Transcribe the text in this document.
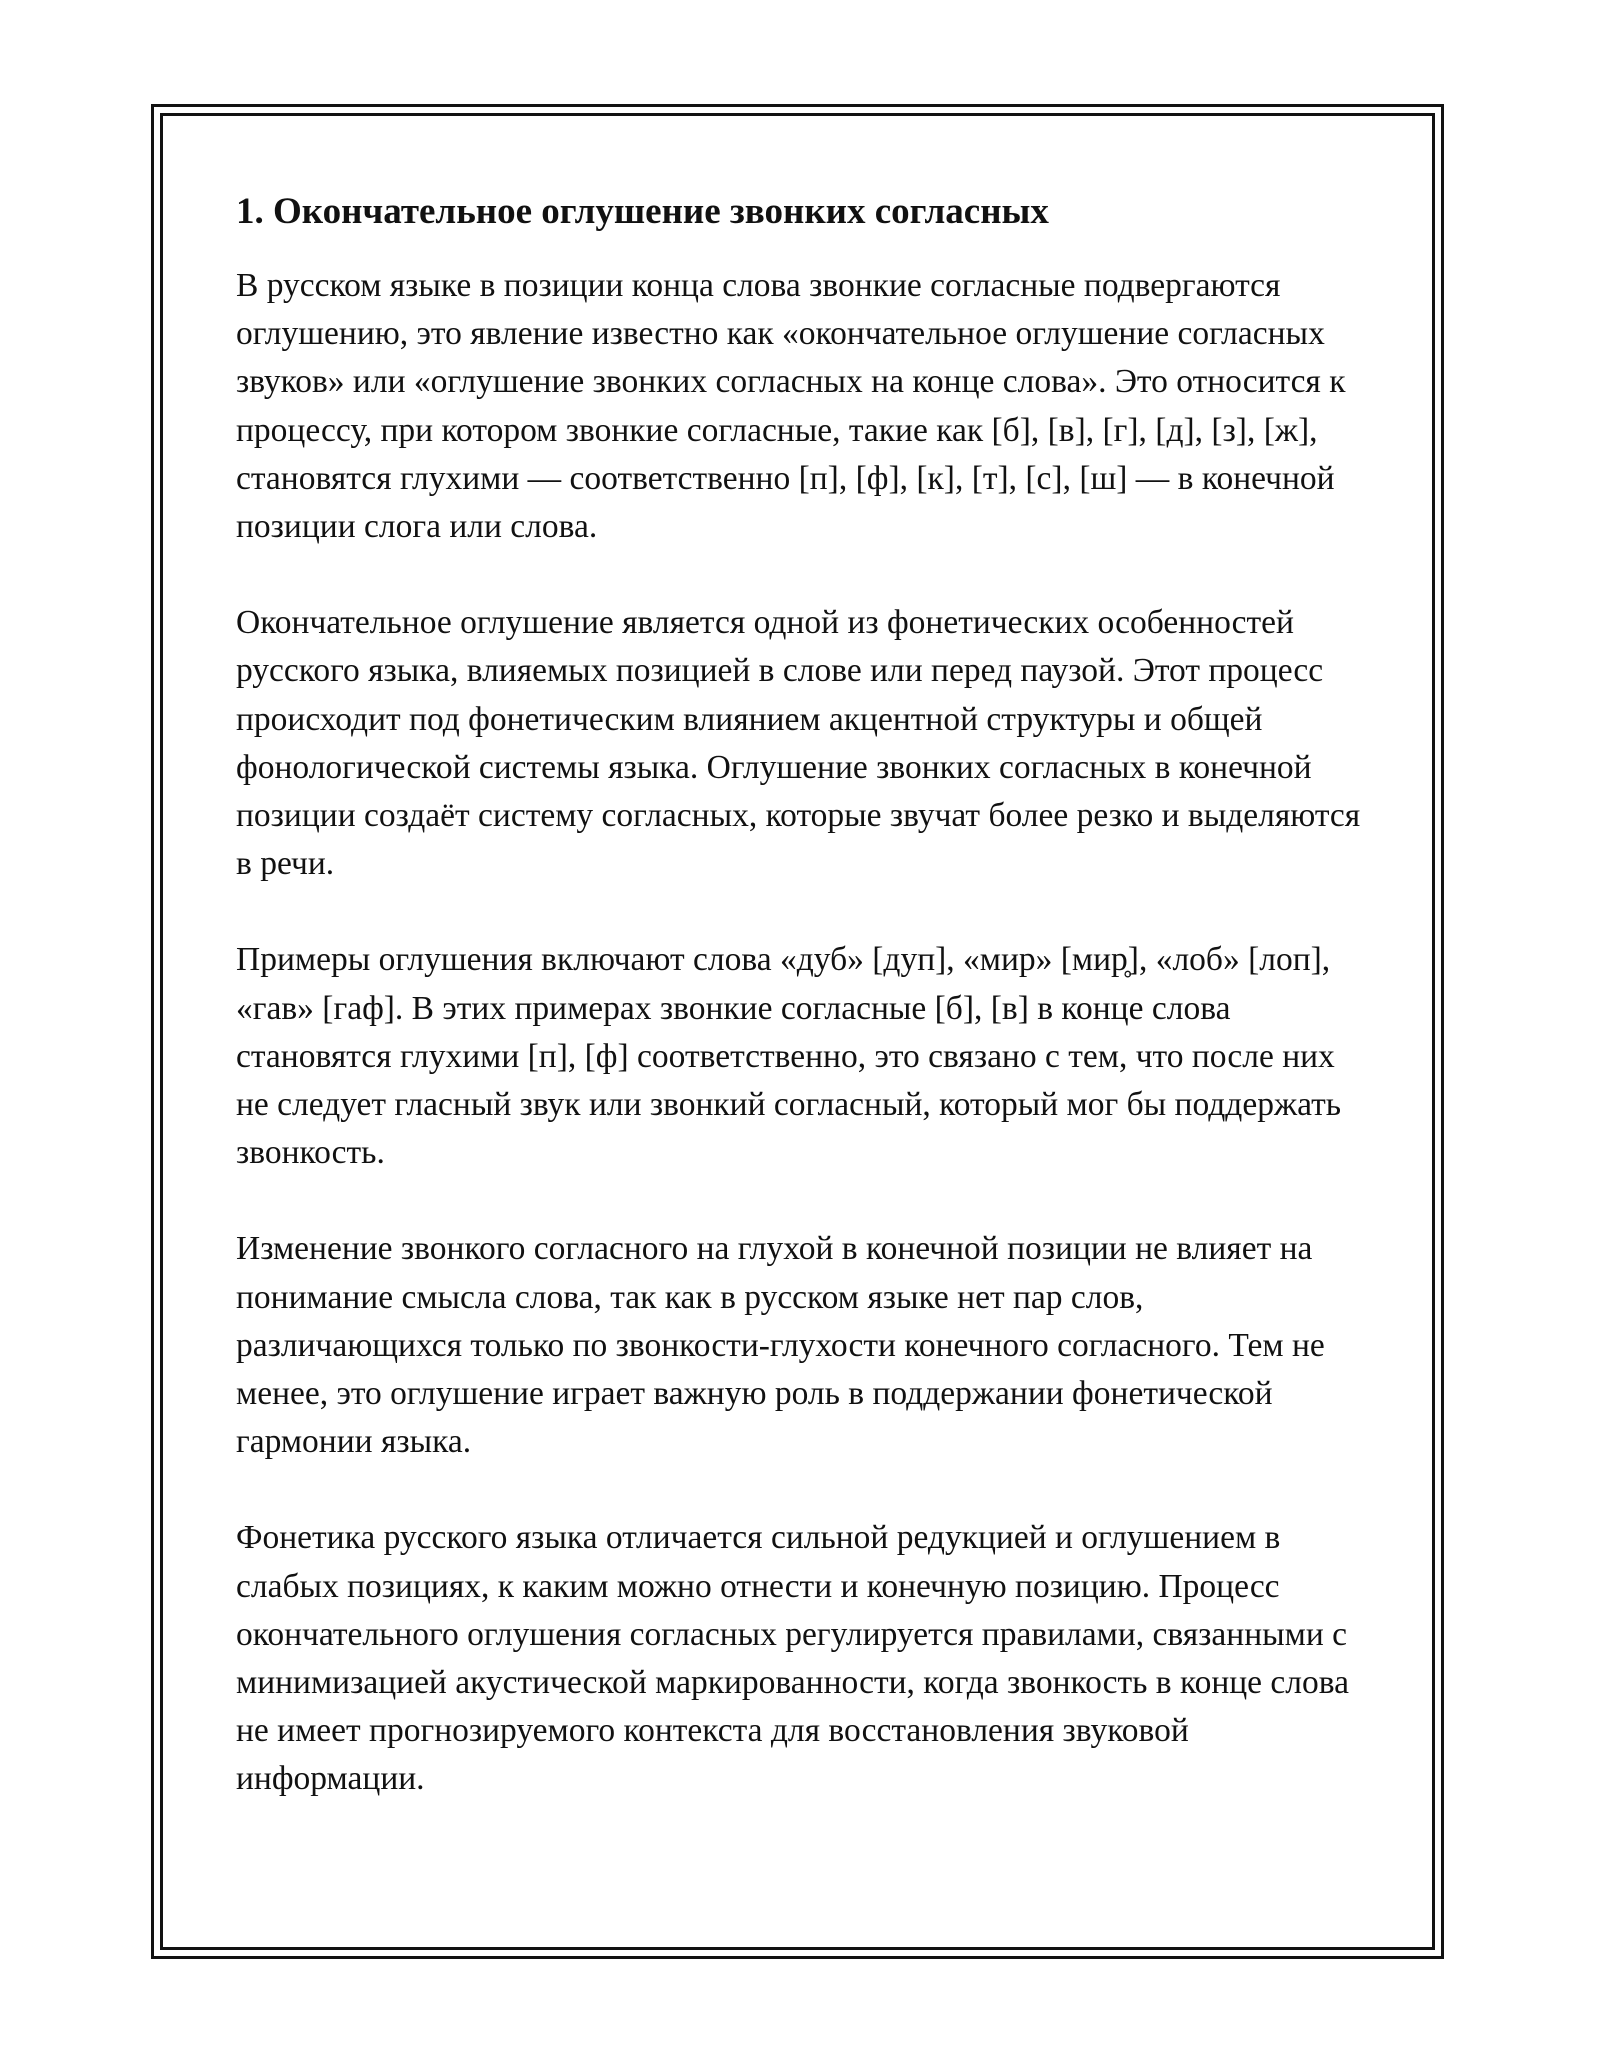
1. Окончательное оглушение звонких согласных

В русском языке в позиции конца слова звонкие согласные подвергаются оглушению, это явление известно как «окончательное оглушение согласных звуков» или «оглушение звонких согласных на конце слова». Это относится к процессу, при котором звонкие согласные, такие как [б], [в], [г], [д], [з], [ж], становятся глухими — соответственно [п], [ф], [к], [т], [с], [ш] — в конечной позиции слога или слова.

Окончательное оглушение является одной из фонетических особенностей русского языка, влияемых позицией в слове или перед паузой. Этот процесс происходит под фонетическим влиянием акцентной структуры и общей фонологической системы языка. Оглушение звонких согласных в конечной позиции создаёт систему согласных, которые звучат более резко и выделяются в речи.

Примеры оглушения включают слова «дуб» [дуп], «мир» [мир̥], «лоб» [лоп], «гав» [гаф]. В этих примерах звонкие согласные [б], [в] в конце слова становятся глухими [п], [ф] соответственно, это связано с тем, что после них не следует гласный звук или звонкий согласный, который мог бы поддержать звонкость.

Изменение звонкого согласного на глухой в конечной позиции не влияет на понимание смысла слова, так как в русском языке нет пар слов, различающихся только по звонкости-глухости конечного согласного. Тем не менее, это оглушение играет важную роль в поддержании фонетической гармонии языка.

Фонетика русского языка отличается сильной редукцией и оглушением в слабых позициях, к каким можно отнести и конечную позицию. Процесс окончательного оглушения согласных регулируется правилами, связанными с минимизацией акустической маркированности, когда звонкость в конце слова не имеет прогнозируемого контекста для восстановления звуковой информации.
